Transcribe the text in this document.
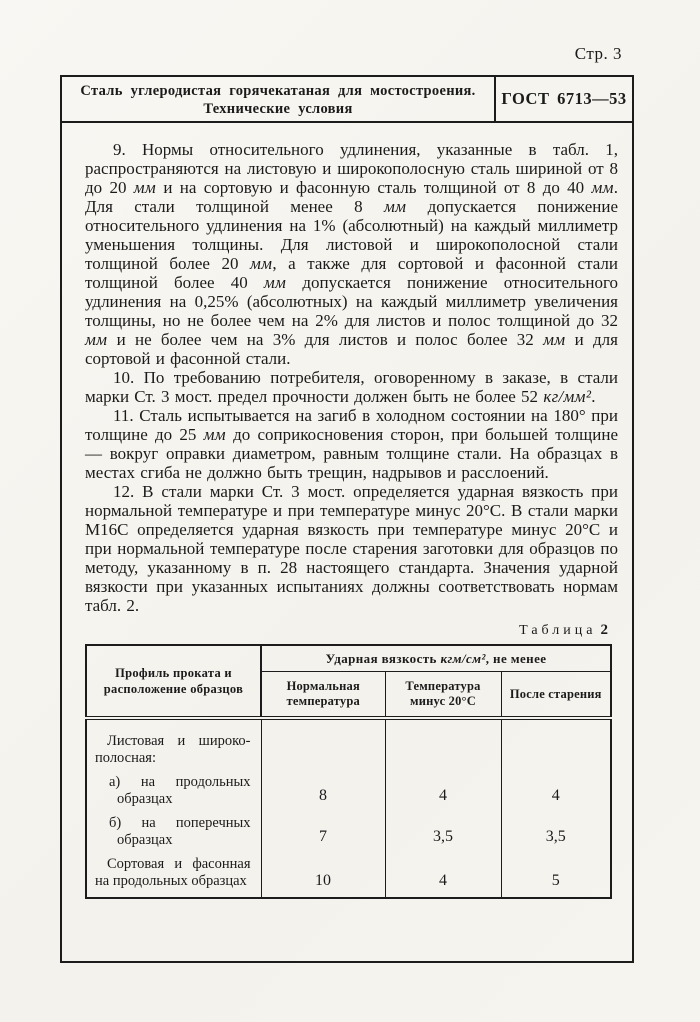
Стр. 3
Сталь углеродистая горячекатаная для мостостроения.
Технические условия
ГОСТ 6713—53

9. Нормы относительного удлинения, указанные в табл. 1, распространяются на листовую и широкополосную сталь шириной от 8 до 20 мм и на сортовую и фасонную сталь толщиной от 8 до 40 мм. Для стали толщиной менее 8 мм допускается понижение относительного удлинения на 1% (абсолютный) на каждый миллиметр уменьшения толщины. Для листовой и широкополосной стали толщиной более 20 мм, а также для сортовой и фасонной стали толщиной более 40 мм допускается понижение относительного удлинения на 0,25% (абсолютных) на каждый миллиметр увеличения толщины, но не более чем на 2% для листов и полос толщиной до 32 мм и не более чем на 3% для листов и полос более 32 мм и для сортовой и фасонной стали.

10. По требованию потребителя, оговоренному в заказе, в стали марки Ст. 3 мост. предел прочности должен быть не более 52 кг/мм².

11. Сталь испытывается на загиб в холодном состоянии на 180° при толщине до 25 мм до соприкосновения сторон, при большей толщине — вокруг оправки диаметром, равным толщине стали. На образцах в местах сгиба не должно быть трещин, надрывов и расслоений.

12. В стали марки Ст. 3 мост. определяется ударная вязкость при нормальной температуре и при температуре минус 20°С. В стали марки М16С определяется ударная вязкость при температуре минус 20°С и при нормальной температуре после старения заготовки для образцов по методу, указанному в п. 28 настоящего стандарта. Значения ударной вязкости при указанных испытаниях должны соответствовать нормам табл. 2.

Таблица 2
Профиль проката и расположение образцов	Ударная вязкость кгм/см², не менее		
	Нормальная температура	Температура минус 20°С	После старения

Листовая и широкополосная:			

а) на продольных образцах	8	4	4

б) на поперечных образцах	7	3,5	3,5

Сортовая и фасонная на продольных образцах	10	4	5
